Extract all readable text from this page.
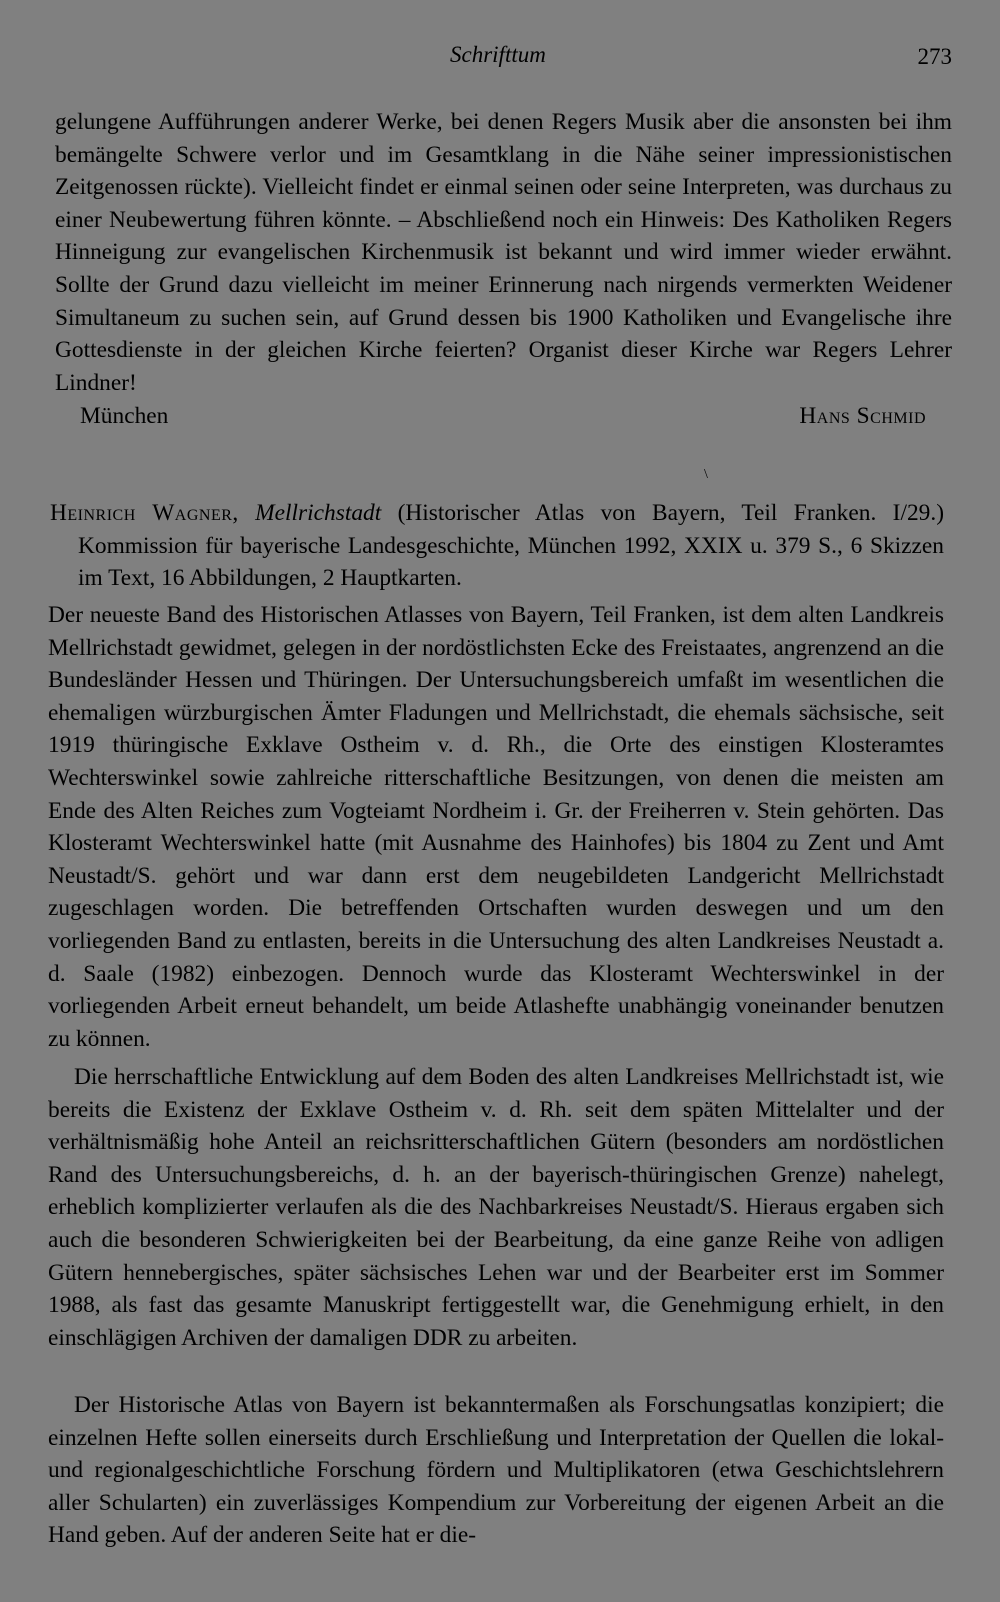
Schrifttum	273

gelungene Aufführungen anderer Werke, bei denen Regers Musik aber die ansonsten bei ihm bemängelte Schwere verlor und im Gesamtklang in die Nähe seiner impressionistischen Zeitgenossen rückte). Vielleicht findet er einmal seinen oder seine Interpreten, was durchaus zu einer Neubewertung führen könnte. – Abschließend noch ein Hinweis: Des Katholiken Regers Hinneigung zur evangelischen Kirchenmusik ist bekannt und wird immer wieder erwähnt. Sollte der Grund dazu vielleicht im meiner Erinnerung nach nirgends vermerkten Weidener Simultaneum zu suchen sein, auf Grund dessen bis 1900 Katholiken und Evangelische ihre Gottesdienste in der gleichen Kirche feierten? Organist dieser Kirche war Regers Lehrer Lindner!

München	Hans Schmid
\

Heinrich Wagner, Mellrichstadt (Historischer Atlas von Bayern, Teil Franken. I/29.) Kommission für bayerische Landesgeschichte, München 1992, XXIX u. 379 S., 6 Skizzen im Text, 16 Abbildungen, 2 Hauptkarten.

Der neueste Band des Historischen Atlasses von Bayern, Teil Franken, ist dem alten Landkreis Mellrichstadt gewidmet, gelegen in der nordöstlichsten Ecke des Freistaates, angrenzend an die Bundesländer Hessen und Thüringen. Der Untersuchungsbereich umfaßt im wesentlichen die ehemaligen würzburgischen Ämter Fladungen und Mellrichstadt, die ehemals sächsische, seit 1919 thüringische Exklave Ostheim v. d. Rh., die Orte des einstigen Klosteramtes Wechterswinkel sowie zahlreiche ritterschaftliche Besitzungen, von denen die meisten am Ende des Alten Reiches zum Vogteiamt Nordheim i. Gr. der Freiherren v. Stein gehörten. Das Klosteramt Wechterswinkel hatte (mit Ausnahme des Hainhofes) bis 1804 zu Zent und Amt Neustadt/S. gehört und war dann erst dem neugebildeten Landgericht Mellrichstadt zugeschlagen worden. Die betreffenden Ortschaften wurden deswegen und um den vorliegenden Band zu entlasten, bereits in die Untersuchung des alten Landkreises Neustadt a. d. Saale (1982) einbezogen. Dennoch wurde das Klosteramt Wechterswinkel in der vorliegenden Arbeit erneut behandelt, um beide Atlashefte unabhängig voneinander benutzen zu können.

Die herrschaftliche Entwicklung auf dem Boden des alten Landkreises Mellrichstadt ist, wie bereits die Existenz der Exklave Ostheim v. d. Rh. seit dem späten Mittelalter und der verhältnismäßig hohe Anteil an reichsritterschaftlichen Gütern (besonders am nordöstlichen Rand des Untersuchungsbereichs, d. h. an der bayerisch-thüringischen Grenze) nahelegt, erheblich komplizierter verlaufen als die des Nachbarkreises Neustadt/S. Hieraus ergaben sich auch die besonderen Schwierigkeiten bei der Bearbeitung, da eine ganze Reihe von adligen Gütern hennebergisches, später sächsisches Lehen war und der Bearbeiter erst im Sommer 1988, als fast das gesamte Manuskript fertiggestellt war, die Genehmigung erhielt, in den einschlägigen Archiven der damaligen DDR zu arbeiten.

Der Historische Atlas von Bayern ist bekanntermaßen als Forschungsatlas konzipiert; die einzelnen Hefte sollen einerseits durch Erschließung und Interpretation der Quellen die lokal- und regionalgeschichtliche Forschung fördern und Multiplikatoren (etwa Geschichtslehrern aller Schularten) ein zuverlässiges Kompendium zur Vorbereitung der eigenen Arbeit an die Hand geben. Auf der anderen Seite hat er die-
